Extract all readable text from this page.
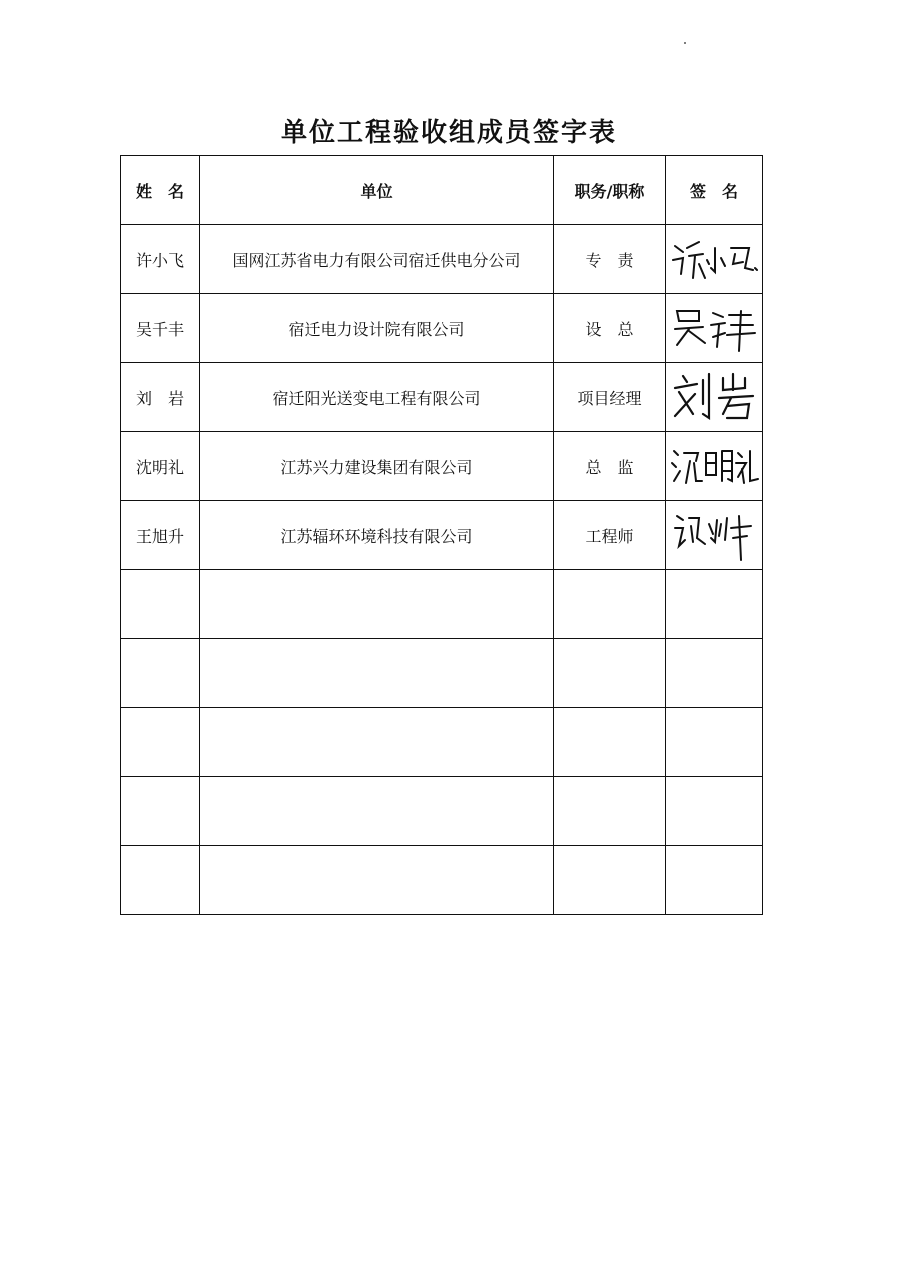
单位工程验收组成员签字表
姓　名	单位	职务/职称	签　名
许小飞	国网江苏省电力有限公司宿迁供电分公司	专　责	

吴千丰	宿迁电力设计院有限公司	设　总	

刘　岩	宿迁阳光送变电工程有限公司	项目经理	

沈明礼	江苏兴力建设集团有限公司	总　监	

王旭升	江苏辐环环境科技有限公司	工程师	
